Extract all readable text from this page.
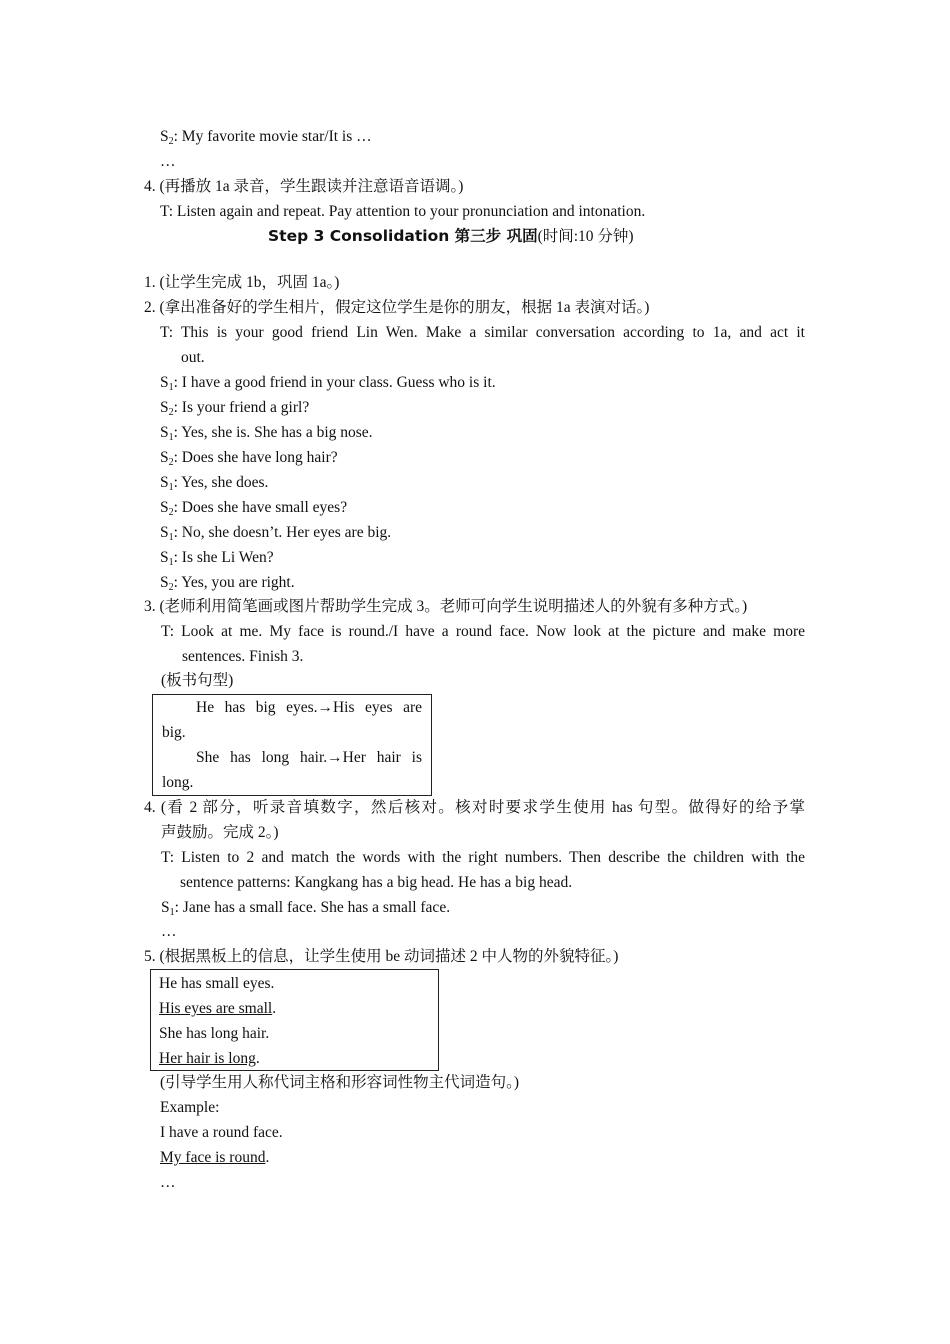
$S_2$: My favorite movie star/It is …
…
4. (再播放 1a 录音，学生跟读并注意语音语调。)
T: Listen again and repeat. Pay attention to your pronunciation and intonation.
Step 3 Consolidation 第三步 巩固(时间:10 分钟)
1. (让学生完成 1b，巩固 1a。)
2. (拿出准备好的学生相片，假定这位学生是你的朋友，根据 1a 表演对话。)
T: This is your good friend Lin Wen. Make a similar conversation according to 1a, and act it
out.
$S_1$: I have a good friend in your class. Guess who is it.
$S_2$: Is your friend a girl?
$S_1$: Yes, she is. She has a big nose.
$S_2$: Does she have long hair?
$S_1$: Yes, she does.
$S_2$: Does she have small eyes?
$S_1$: No, she doesn’t. Her eyes are big.
$S_1$: Is she Li Wen?
$S_2$: Yes, you are right.
3. (老师利用简笔画或图片帮助学生完成 3。老师可向学生说明描述人的外貌有多种方式。)
T: Look at me. My face is round./I have a round face. Now look at the picture and make more
sentences. Finish 3.
(板书句型)
He has big eyes.→His eyes are
big.
She has long hair.→Her hair is
long.
4. (看 2 部分，听录音填数字，然后核对。核对时要求学生使用 has 句型。做得好的给予掌
声鼓励。完成 2。)
T: Listen to 2 and match the words with the right numbers. Then describe the children with the
sentence patterns: Kangkang has a big head. He has a big head.
$S_1$: Jane has a small face. She has a small face.
…
5. (根据黑板上的信息，让学生使用 be 动词描述 2 中人物的外貌特征。)
He has small eyes.
His eyes are small.
She has long hair.
Her hair is long.
(引导学生用人称代词主格和形容词性物主代词造句。)
Example:
I have a round face.
My face is round.
…
